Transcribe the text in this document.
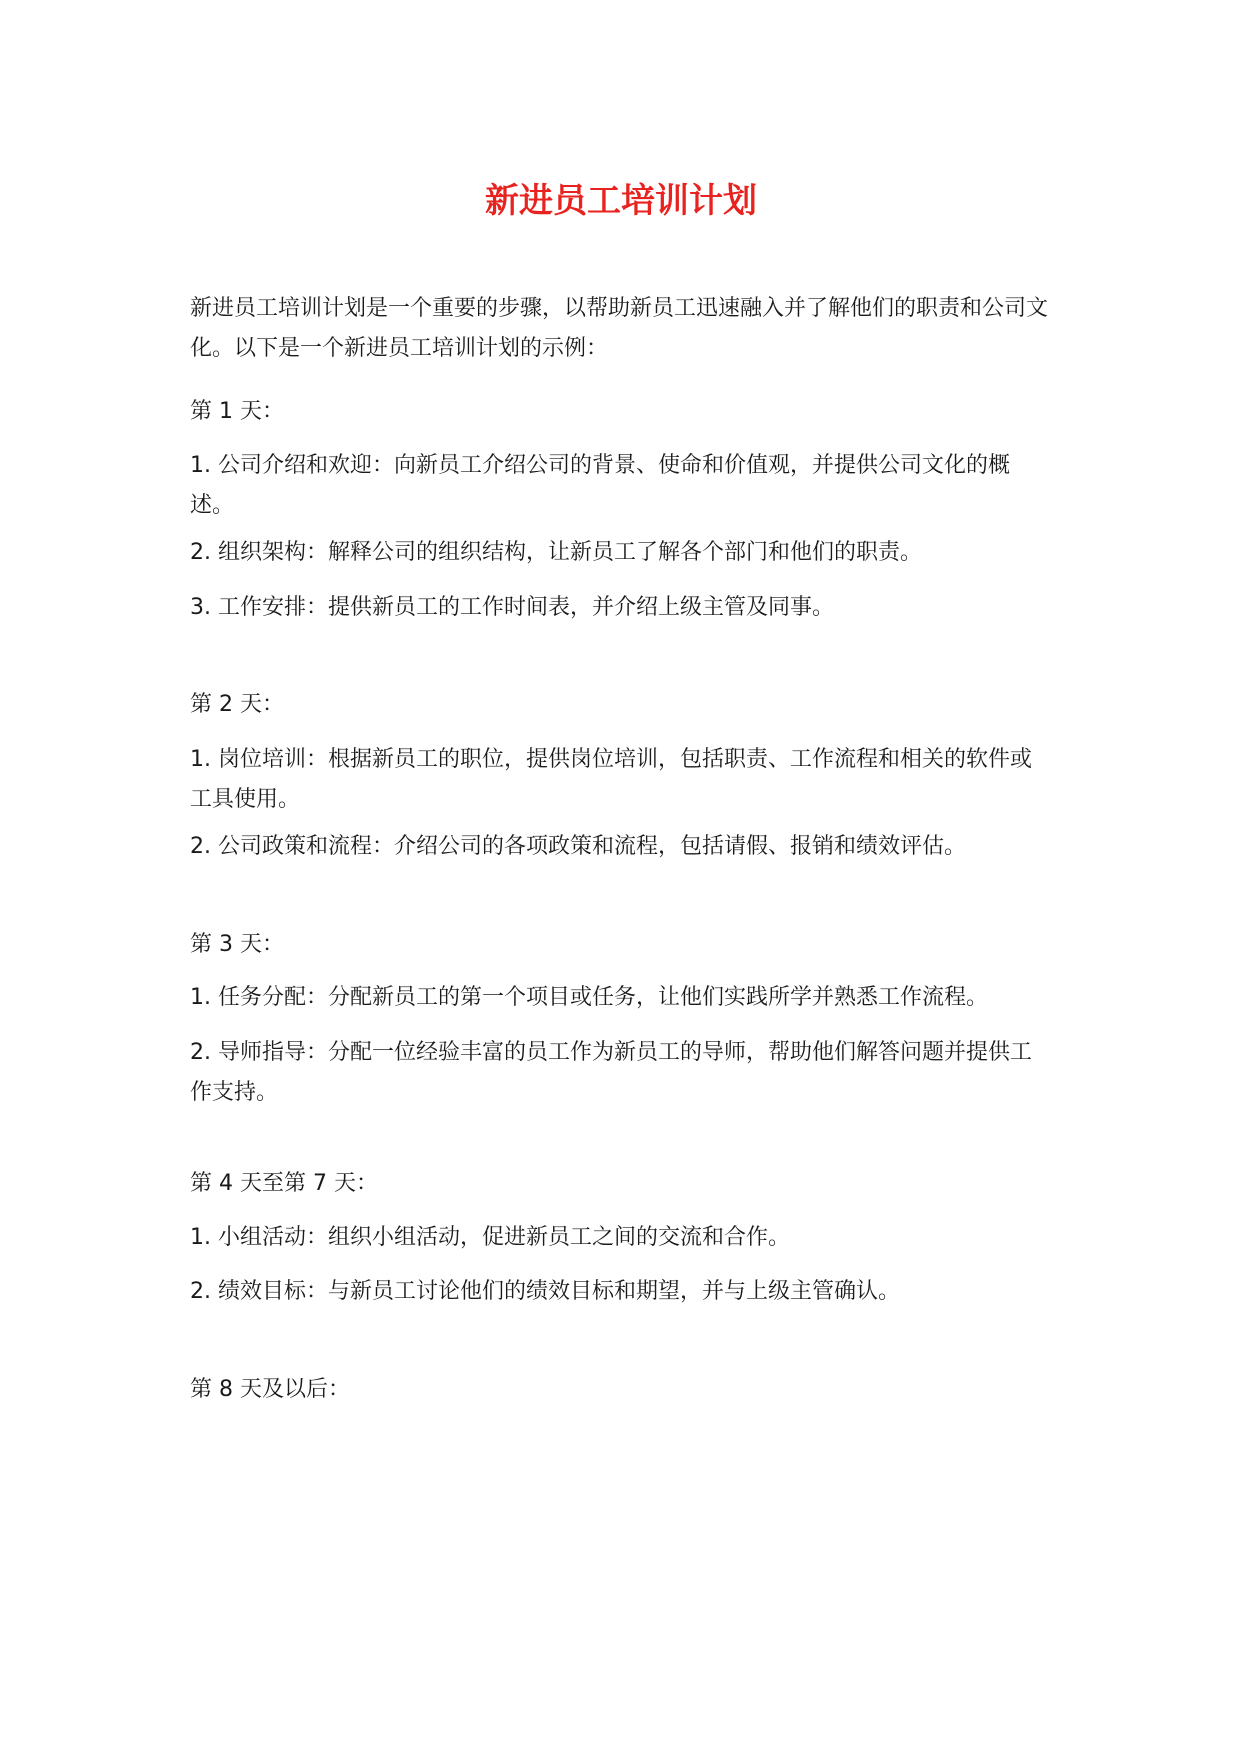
新进员工培训计划

新进员工培训计划是一个重要的步骤，以帮助新员工迅速融入并了解他们的职责和公司文化。以下是一个新进员工培训计划的示例：

第 1 天：

1. 公司介绍和欢迎：向新员工介绍公司的背景、使命和价值观，并提供公司文化的概述。

2. 组织架构：解释公司的组织结构，让新员工了解各个部门和他们的职责。

3. 工作安排：提供新员工的工作时间表，并介绍上级主管及同事。

第 2 天：

1. 岗位培训：根据新员工的职位，提供岗位培训，包括职责、工作流程和相关的软件或工具使用。

2. 公司政策和流程：介绍公司的各项政策和流程，包括请假、报销和绩效评估。

第 3 天：

1. 任务分配：分配新员工的第一个项目或任务，让他们实践所学并熟悉工作流程。

2. 导师指导：分配一位经验丰富的员工作为新员工的导师，帮助他们解答问题并提供工作支持。

第 4 天至第 7 天：

1. 小组活动：组织小组活动，促进新员工之间的交流和合作。

2. 绩效目标：与新员工讨论他们的绩效目标和期望，并与上级主管确认。

第 8 天及以后：
